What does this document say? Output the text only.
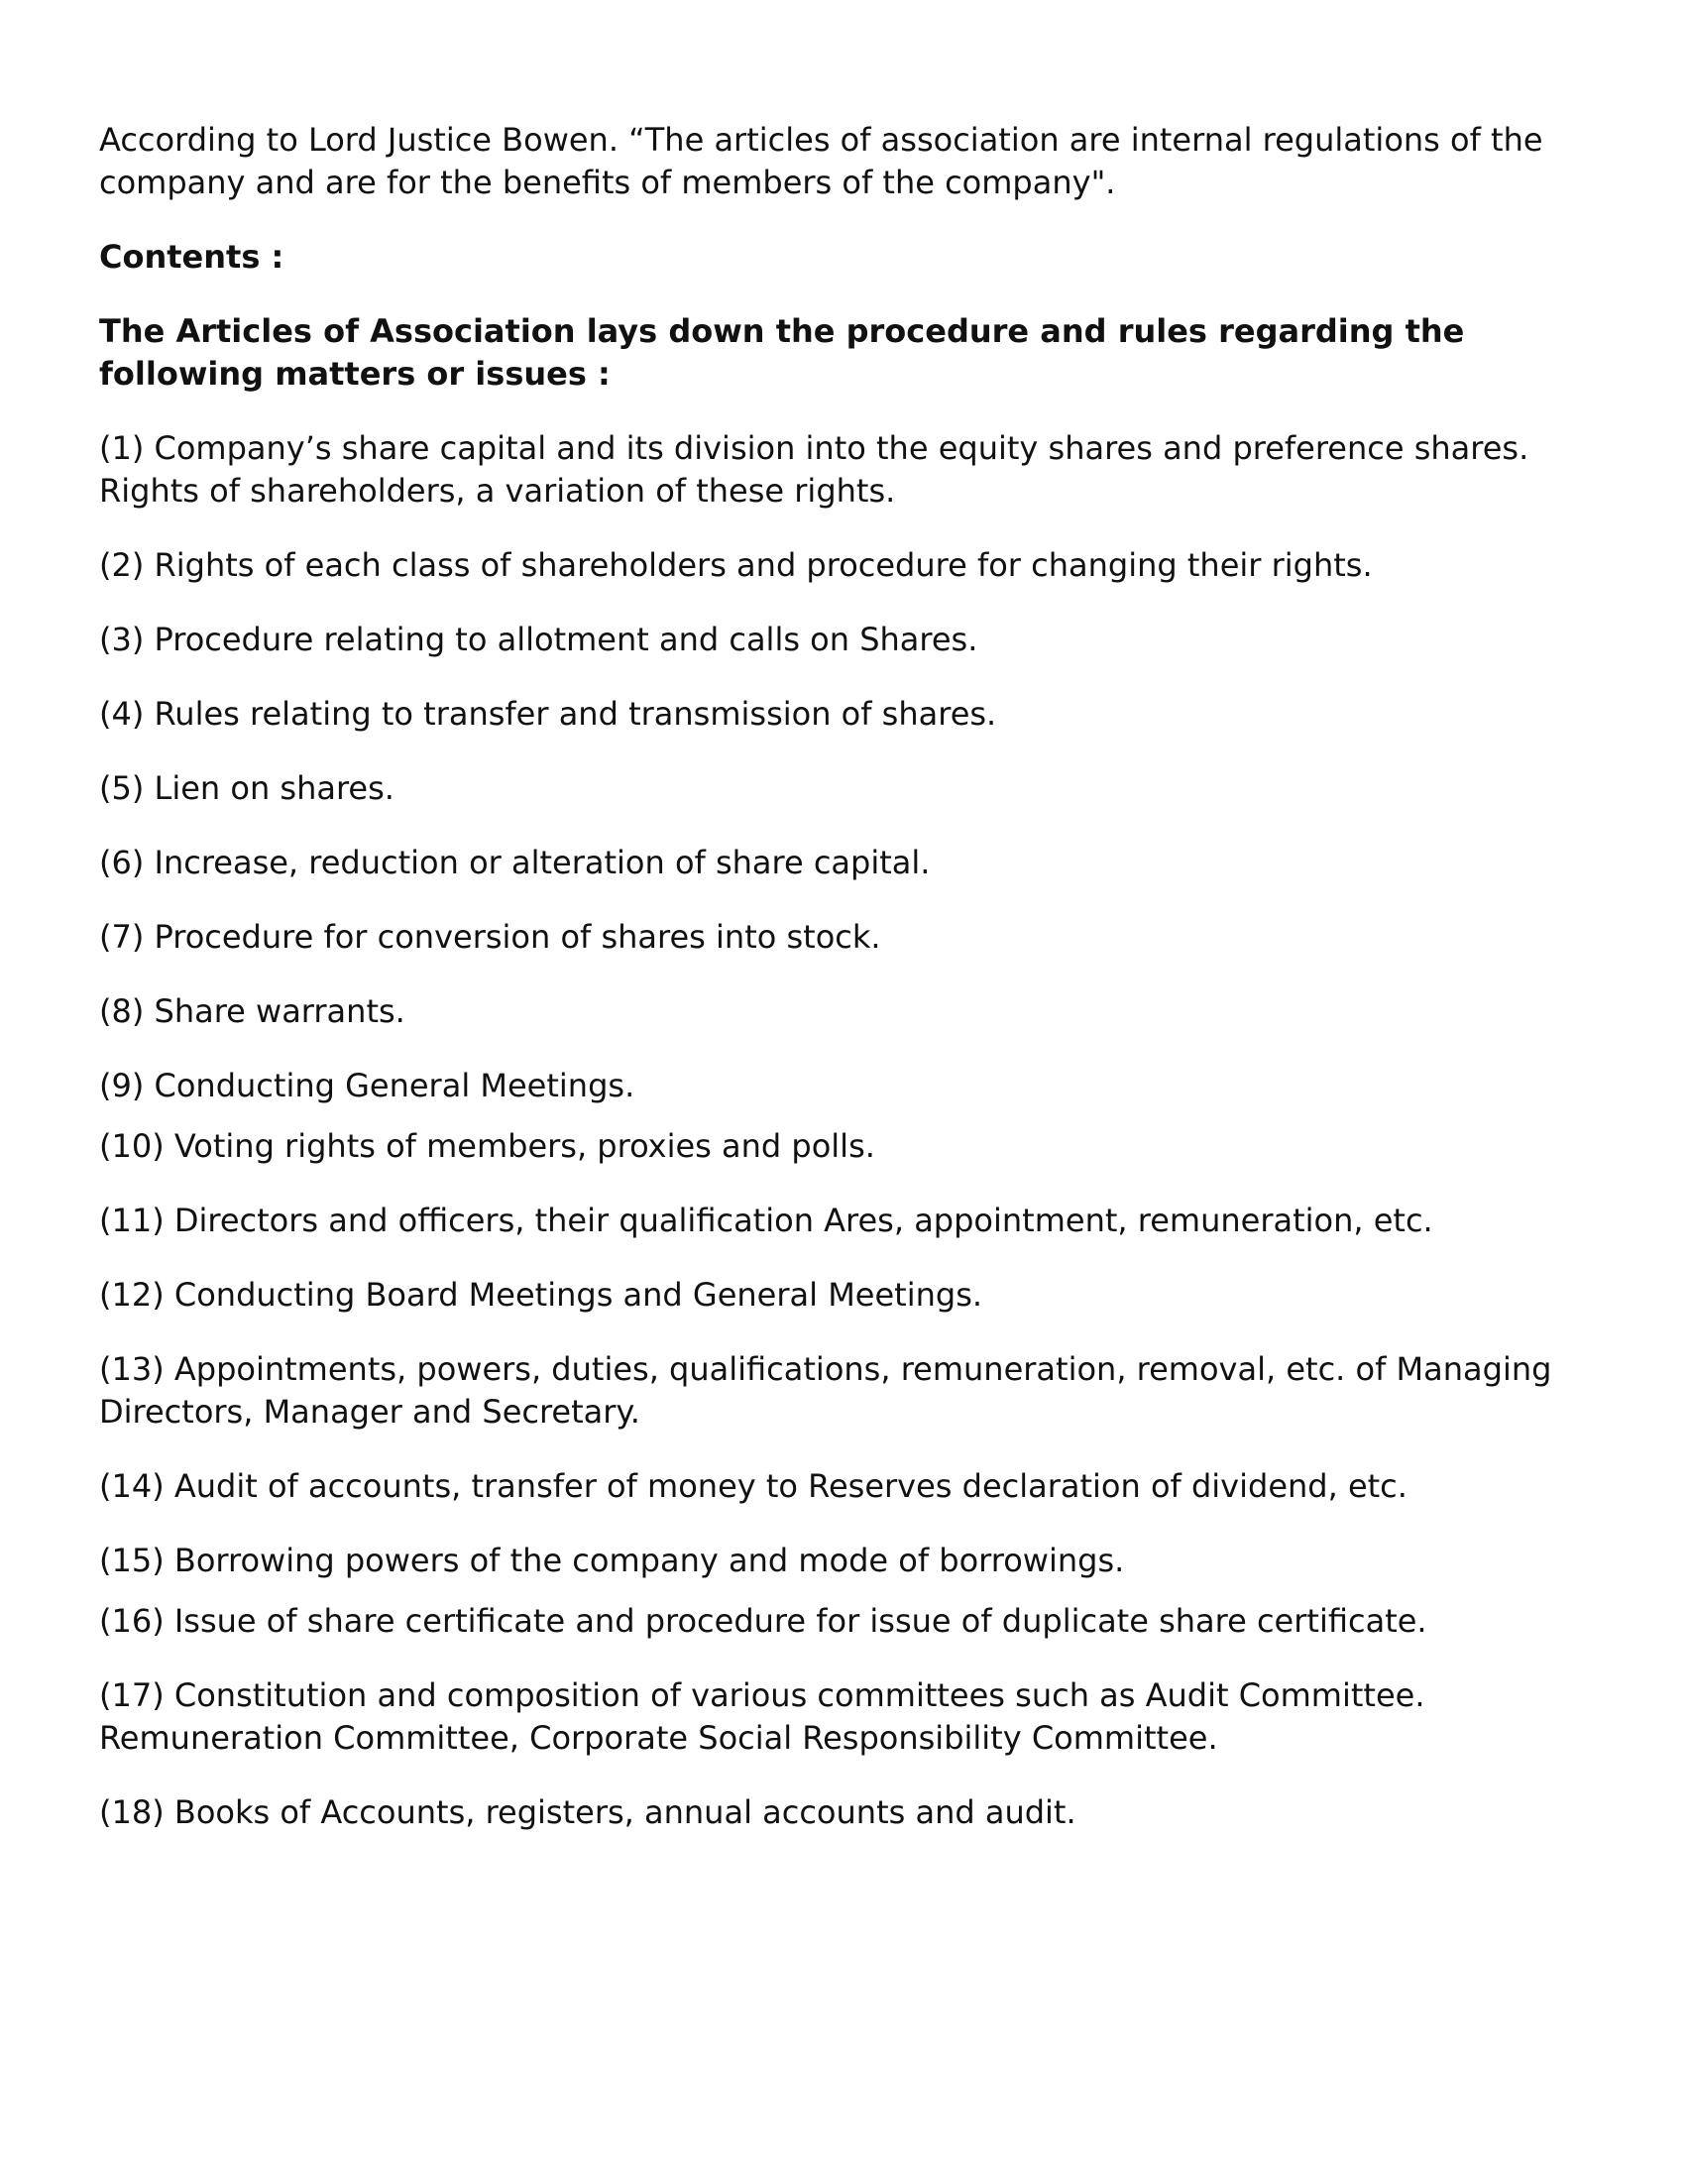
According to Lord Justice Bowen. “The articles of association are internal regulations of the company and are for the benefits of members of the company".

Contents :

The Articles of Association lays down the procedure and rules regarding the following matters or issues :

(1) Company’s share capital and its division into the equity shares and preference shares. Rights of shareholders, a variation of these rights.
(2) Rights of each class of shareholders and procedure for changing their rights.
(3) Procedure relating to allotment and calls on Shares.
(4) Rules relating to transfer and transmission of shares.
(5) Lien on shares.
(6) Increase, reduction or alteration of share capital.
(7) Procedure for conversion of shares into stock.
(8) Share warrants.
(9) Conducting General Meetings.
(10) Voting rights of members, proxies and polls.
(11) Directors and officers, their qualification Ares, appointment, remuneration, etc.
(12) Conducting Board Meetings and General Meetings.
(13) Appointments, powers, duties, qualifications, remuneration, removal, etc. of Managing Directors, Manager and Secretary.
(14) Audit of accounts, transfer of money to Reserves declaration of dividend, etc.
(15) Borrowing powers of the company and mode of borrowings.
(16) Issue of share certificate and procedure for issue of duplicate share certificate.
(17) Constitution and composition of various committees such as Audit Committee. Remuneration Committee, Corporate Social Responsibility Committee.
(18) Books of Accounts, registers, annual accounts and audit.
